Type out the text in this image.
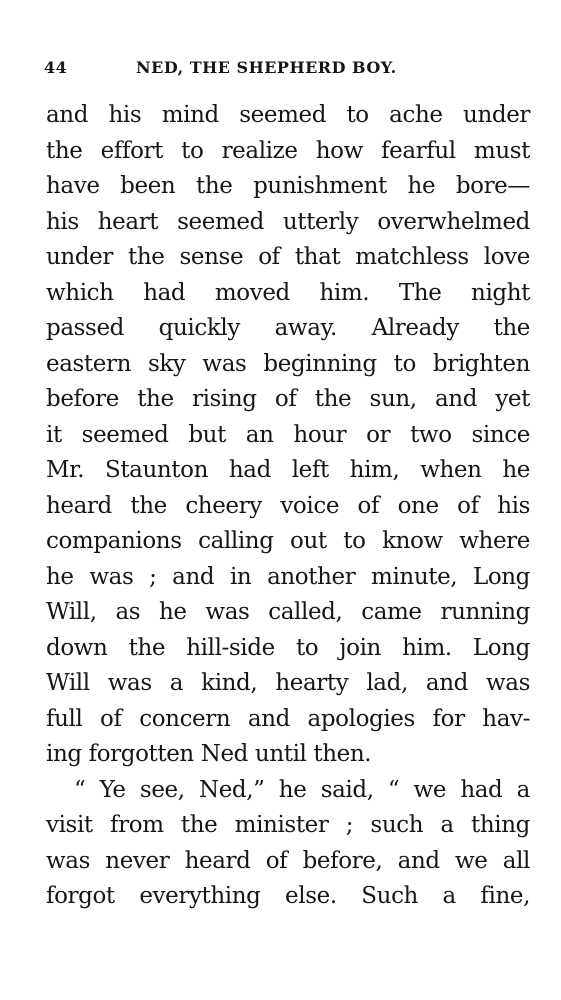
44	NED, THE SHEPHERD BOY.
and his mind seemed to ache under
the effort to realize how fearful must
have been the punishment he bore—
his heart seemed utterly overwhelmed
under the sense of that matchless love
which had moved him. The night
passed quickly away. Already the
eastern sky was beginning to brighten
before the rising of the sun, and yet
it seemed but an hour or two since
Mr. Staunton had left him, when he
heard the cheery voice of one of his
companions calling out to know where
he was ; and in another minute, Long
Will, as he was called, came running
down the hill-side to join him. Long
Will was a kind, hearty lad, and was
full of concern and apologies for hav-
ing forgotten Ned until then.
“ Ye see, Ned,” he said, “ we had a
visit from the minister ; such a thing
was never heard of before, and we all
forgot everything else. Such a fine,
